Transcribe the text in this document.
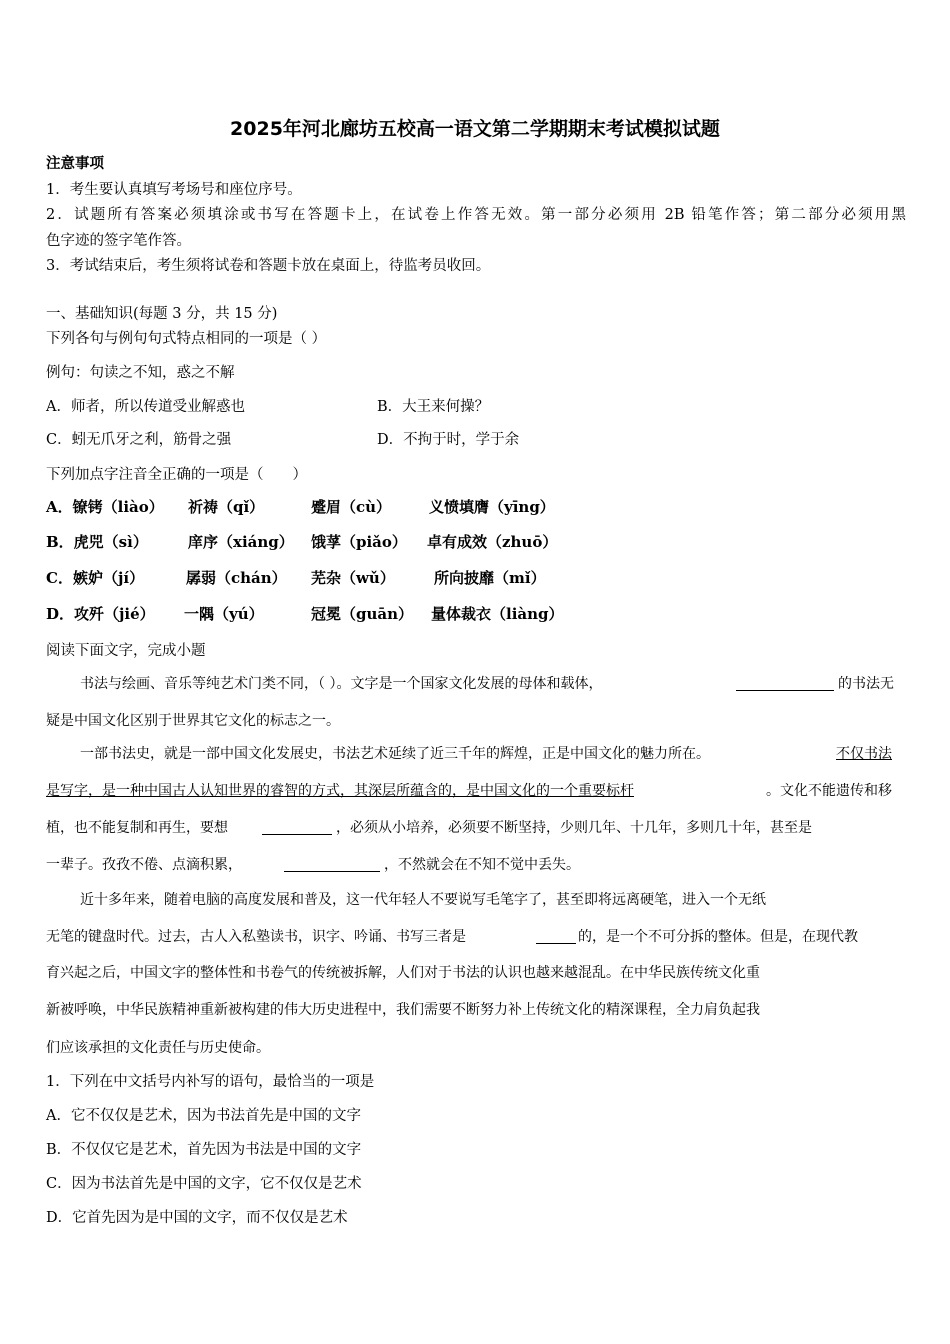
2025年河北廊坊五校高一语文第二学期期末考试模拟试题
注意事项
1．考生要认真填写考场号和座位序号。
2．试题所有答案必须填涂或书写在答题卡上，在试卷上作答无效。第一部分必须用 2B 铅笔作答；第二部分必须用黑
色字迹的签字笔作答。
3．考试结束后，考生须将试卷和答题卡放在桌面上，待监考员收回。
一、基础知识(每题 3 分，共 15 分)
下列各句与例句句式特点相同的一项是（ ）
例句：句读之不知，惑之不解
A．师者，所以传道受业解惑也	B．大王来何操？
C．蚓无爪牙之利，筋骨之强	D．不拘于时，学于余
下列加点字注音全正确的一项是（　　）
A．镣铐（liào） 祈祷（qǐ）	蹙眉（cù）	义愤填膺（yīng）
B．虎兕（sì）	庠序（xiáng） 饿莩（piǎo） 卓有成效（zhuō）
C．嫉妒（jí）	孱弱（chán） 芜杂（wǔ）	所向披靡（mǐ）
D．攻歼（jié） 一隅（yú）	冠冕（guān） 量体裁衣（liàng）
阅读下面文字，完成小题
书法与绘画、音乐等纯艺术门类不同，（ ）。文字是一个国家文化发展的母体和载体，	的书法无
疑是中国文化区别于世界其它文化的标志之一。
一部书法史，就是一部中国文化发展史，书法艺术延续了近三千年的辉煌，正是中国文化的魅力所在。	不仅书法
是写字，是一种中国古人认知世界的睿智的方式，其深层所蕴含的，是中国文化的一个重要标杆	。文化不能遗传和移
植，也不能复制和再生，要想	，必须从小培养，必须要不断坚持，少则几年、十几年，多则几十年，甚至是
一辈子。孜孜不倦、点滴积累，	，不然就会在不知不觉中丢失。
近十多年来，随着电脑的高度发展和普及，这一代年轻人不要说写毛笔字了，甚至即将远离硬笔，进入一个无纸
无笔的键盘时代。过去，古人入私塾读书，识字、吟诵、书写三者是	的，是一个不可分拆的整体。但是，在现代教
育兴起之后，中国文字的整体性和书卷气的传统被拆解，人们对于书法的认识也越来越混乱。在中华民族传统文化重
新被呼唤，中华民族精神重新被构建的伟大历史进程中，我们需要不断努力补上传统文化的精深课程，全力肩负起我
们应该承担的文化责任与历史使命。
1．下列在中文括号内补写的语句，最恰当的一项是
A．它不仅仅是艺术，因为书法首先是中国的文字
B．不仅仅它是艺术，首先因为书法是中国的文字
C．因为书法首先是中国的文字，它不仅仅是艺术
D．它首先因为是中国的文字，而不仅仅是艺术
